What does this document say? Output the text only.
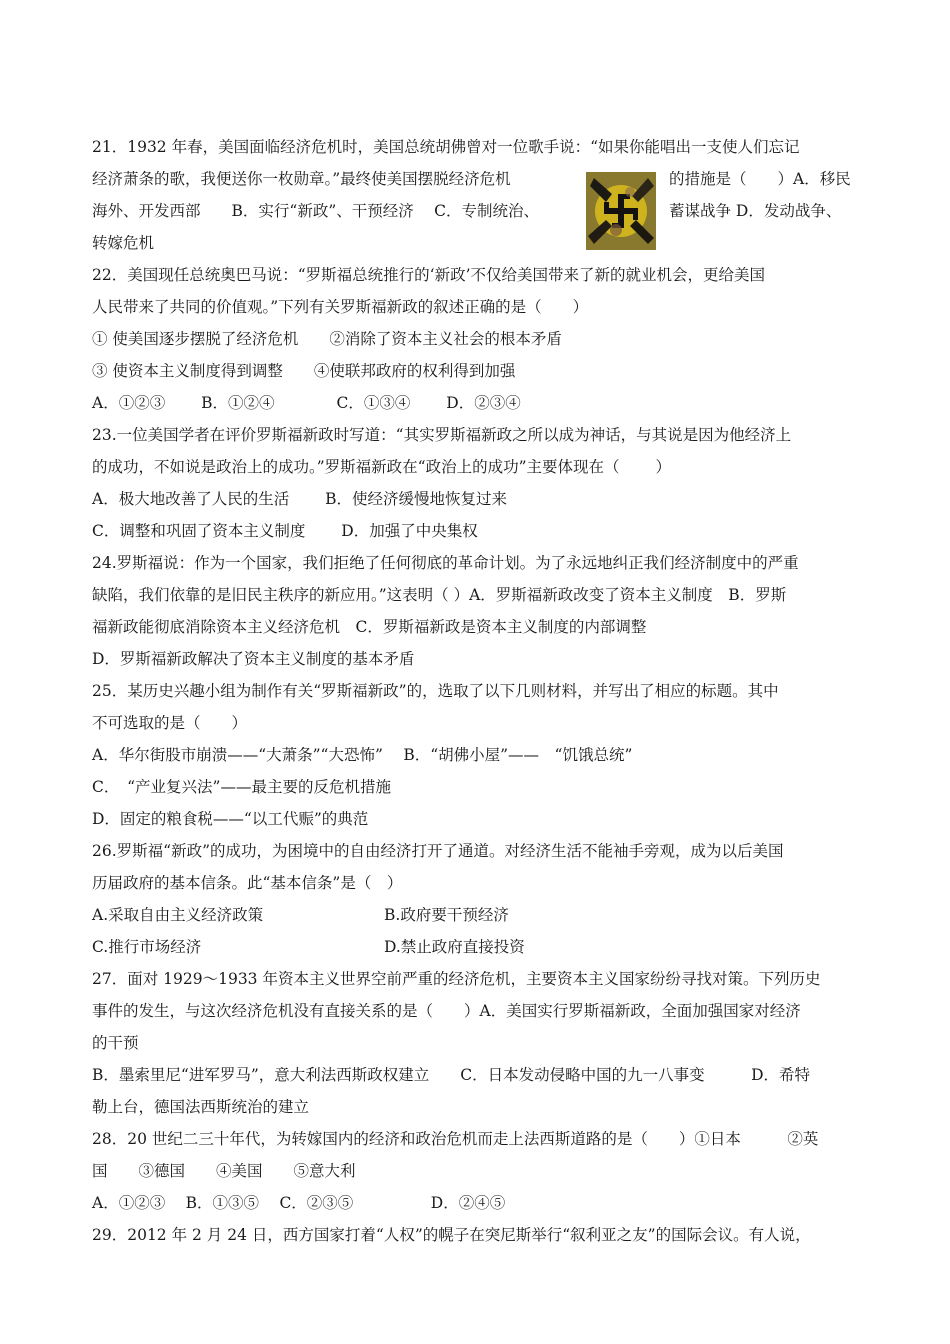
21．1932 年春，美国面临经济危机时，美国总统胡佛曾对一位歌手说：“如果你能唱出一支使人们忘记
经济萧条的歌，我便送你一枚勋章。”最终使美国摆脱经济危机	的措施是（　　）A．移民
海外、开发西部　　B．实行“新政”、干预经济　 C．专制统治、	蓄谋战争 D．发动战争、
转嫁危机
22．美国现任总统奥巴马说：“罗斯福总统推行的‘新政’不仅给美国带来了新的就业机会，更给美国
人民带来了共同的价值观。”下列有关罗斯福新政的叙述正确的是（　　）
① 使美国逐步摆脱了经济危机　　②消除了资本主义社会的根本矛盾
③ 使资本主义制度得到调整　　④使联邦政府的权利得到加强
A．①②③　　 B．①②④　　　　C．①③④　　 D．②③④
23.一位美国学者在评价罗斯福新政时写道：“其实罗斯福新政之所以成为神话，与其说是因为他经济上
的成功，不如说是政治上的成功。”罗斯福新政在“政治上的成功”主要体现在（　　 ）
A．极大地改善了人民的生活　　 B．使经济缓慢地恢复过来
C．调整和巩固了资本主义制度　　 D．加强了中央集权
24.罗斯福说：作为一个国家，我们拒绝了任何彻底的革命计划。为了永远地纠正我们经济制度中的严重
缺陷，我们依靠的是旧民主秩序的新应用。”这表明（ ）A．罗斯福新政改变了资本主义制度　B．罗斯
福新政能彻底消除资本主义经济危机　C．罗斯福新政是资本主义制度的内部调整
D．罗斯福新政解决了资本主义制度的基本矛盾
25．某历史兴趣小组为制作有关“罗斯福新政”的，选取了以下几则材料，并写出了相应的标题。其中
不可选取的是（　　）
A．华尔街股市崩溃——“大萧条”“大恐怖”　 B．“胡佛小屋”——　“饥饿总统”
C．　“产业复兴法”——最主要的反危机措施
D．固定的粮食税——“以工代赈”的典范
26.罗斯福“新政”的成功，为困境中的自由经济打开了通道。对经济生活不能袖手旁观，成为以后美国
历届政府的基本信条。此“基本信条”是（　）
A.采取自由主义经济政策	B.政府要干预经济
C.推行市场经济	D.禁止政府直接投资
27．面对 1929～1933 年资本主义世界空前严重的经济危机，主要资本主义国家纷纷寻找对策。下列历史
事件的发生，与这次经济危机没有直接关系的是（　　）A．美国实行罗斯福新政，全面加强国家对经济
的干预
B．墨索里尼“进军罗马”，意大利法西斯政权建立　　C．日本发动侵略中国的九一八事变　　　D．希特
勒上台，德国法西斯统治的建立
28．20 世纪二三十年代，为转嫁国内的经济和政治危机而走上法西斯道路的是（　　）①日本　　　②英
国　　③德国　　④美国　　⑤意大利
A．①②③　 B．①③⑤　 C．②③⑤　　　　　D．②④⑤
29．2012 年 2 月 24 日，西方国家打着“人权”的幌子在突尼斯举行“叙利亚之友”的国际会议。有人说，
